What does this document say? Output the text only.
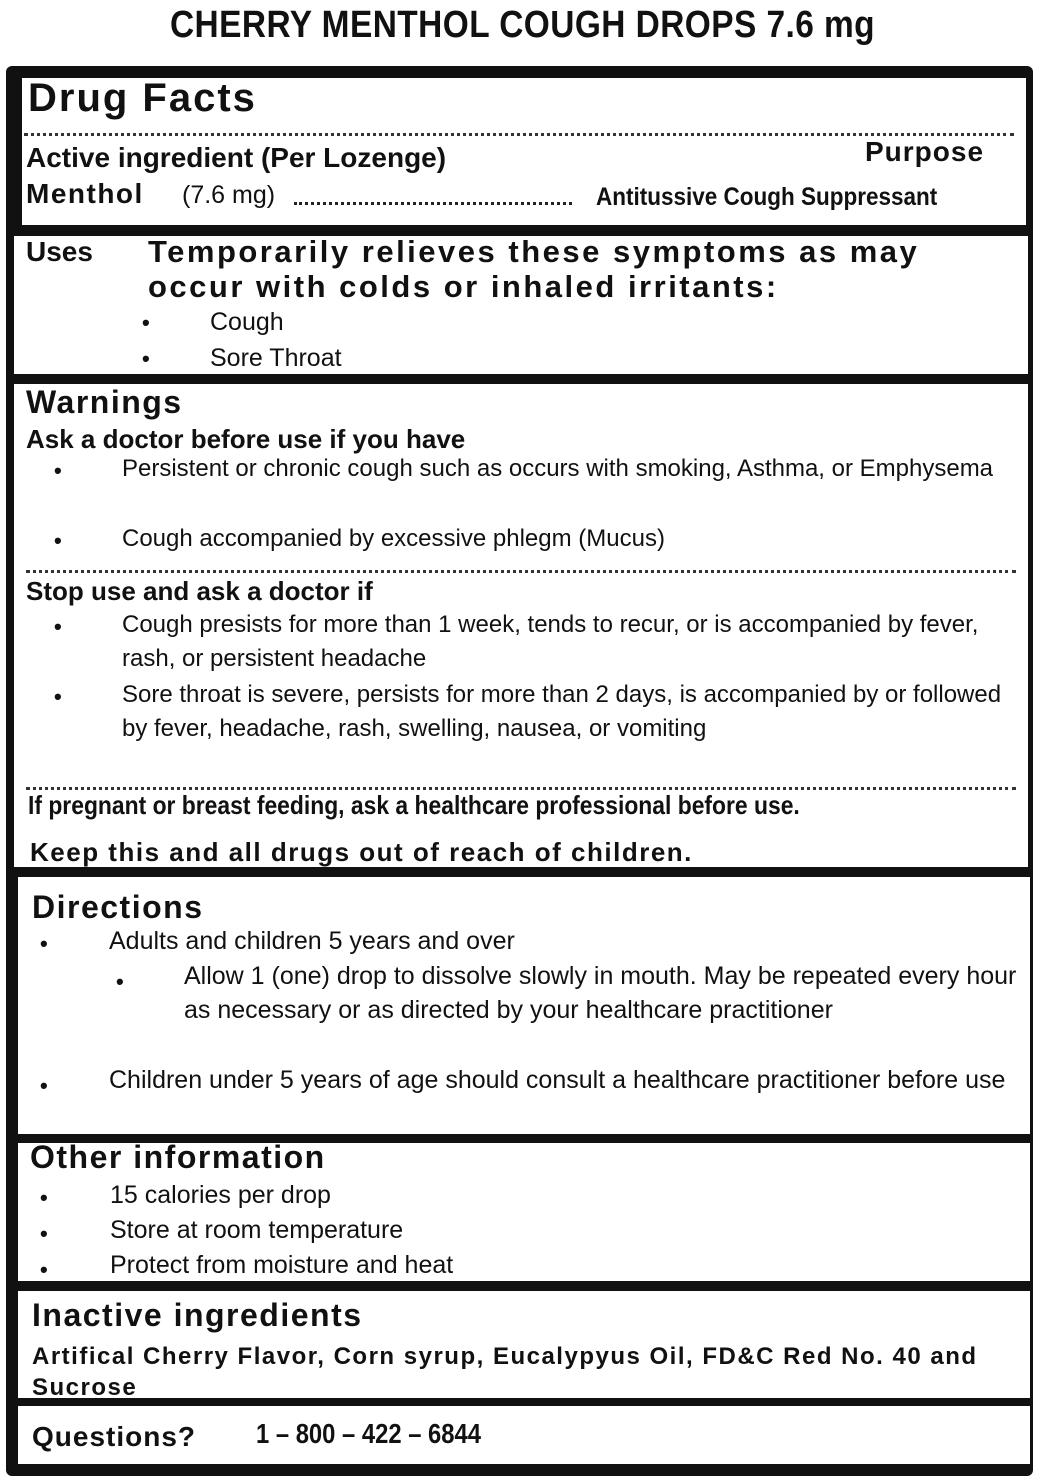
CHERRY MENTHOL COUGH DROPS 7.6 mg
Drug Facts
Active ingredient (Per Lozenge)	Purpose
Menthol (7.6 mg)	Antitussive Cough Suppressant
Uses Temporarily relieves these symptoms as may
occur with colds or inhaled irritants:
• Cough
• Sore Throat
Warnings
Ask a doctor before use if you have
•	Persistent or chronic cough such as occurs with smoking, Asthma, or Emphysema
•	Cough accompanied by excessive phlegm (Mucus)
Stop use and ask a doctor if
•	Cough presists for more than 1 week, tends to recur, or is accompanied by fever, rash, or persistent headache
•	Sore throat is severe, persists for more than 2 days, is accompanied by or followed by fever, headache, rash, swelling, nausea, or vomiting
If pregnant or breast feeding, ask a healthcare professional before use.
Keep this and all drugs out of reach of children.
Directions
• Adults and children 5 years and over
• Allow 1 (one) drop to dissolve slowly in mouth. May be repeated every hour as necessary or as directed by your healthcare practitioner
• Children under 5 years of age should consult a healthcare practitioner before use
Other information
• 15 calories per drop
• Store at room temperature
• Protect from moisture and heat
Inactive ingredients
Artifical Cherry Flavor, Corn syrup, Eucalypyus Oil, FD&C Red No. 40 and Sucrose
Questions? 1 – 800 – 422 – 6844
